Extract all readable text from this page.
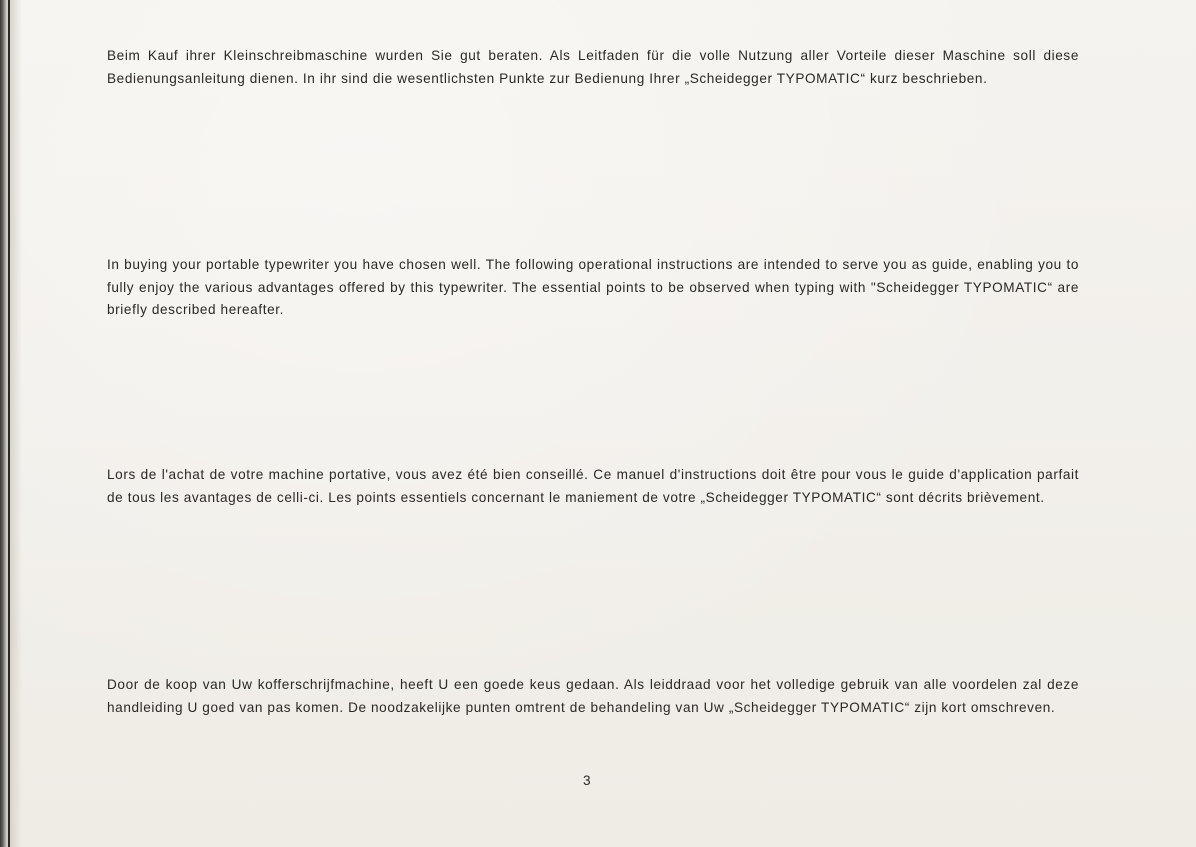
Beim Kauf ihrer Kleinschreibmaschine wurden Sie gut beraten. Als Leitfaden für die volle Nutzung aller Vorteile dieser Maschine soll diese Bedienungsanleitung dienen. In ihr sind die wesentlichsten Punkte zur Bedienung Ihrer „Scheidegger TYPOMATIC“ kurz beschrieben.

In buying your portable typewriter you have chosen well. The following operational instructions are intended to serve you as guide, enabling you to fully enjoy the various advantages offered by this typewriter. The essential points to be observed when typing with "Scheidegger TYPOMATIC“ are briefly described hereafter.

Lors de l'achat de votre machine portative, vous avez été bien conseillé. Ce manuel d'instructions doit être pour vous le guide d'application parfait de tous les avantages de celli-ci. Les points essentiels concernant le maniement de votre „Scheidegger TYPOMATIC“ sont décrits brièvement.

Door de koop van Uw kofferschrijfmachine, heeft U een goede keus gedaan. Als leiddraad voor het volledige gebruik van alle voordelen zal deze handleiding U goed van pas komen. De noodzakelijke punten omtrent de behandeling van Uw „Scheidegger TYPOMATIC“ zijn kort omschreven.

3
